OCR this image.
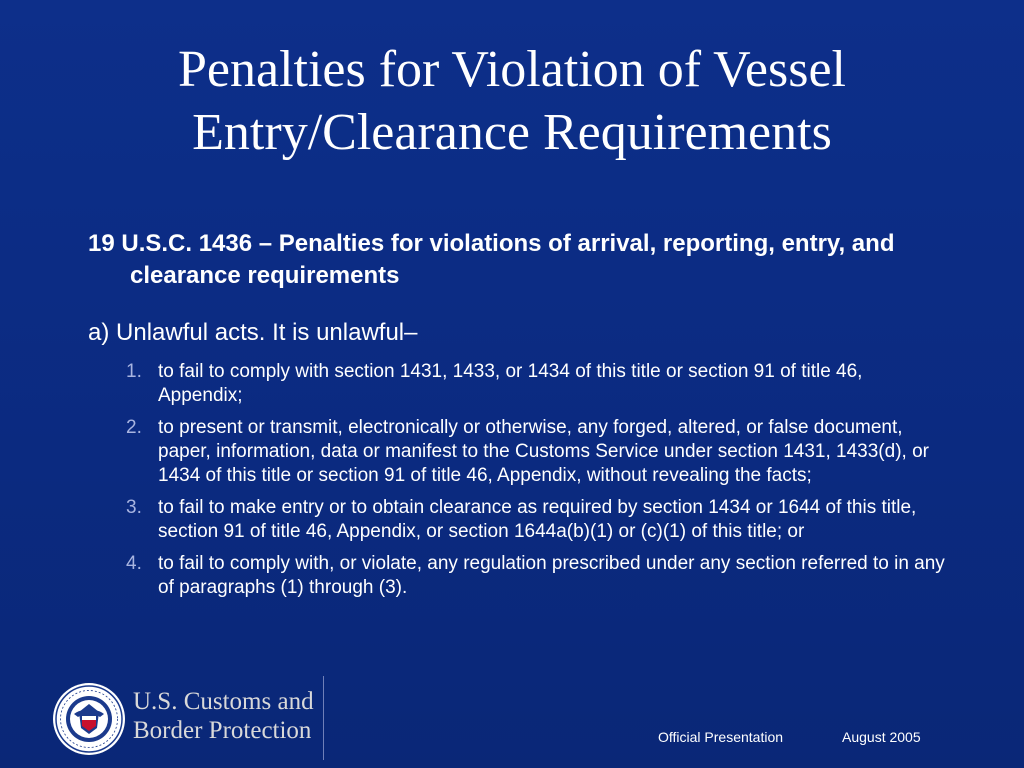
Penalties for Violation of Vessel
Entry/Clearance Requirements
19 U.S.C. 1436 – Penalties for violations of arrival, reporting, entry, and clearance requirements
a) Unlawful acts. It is unlawful–
1. to fail to comply with section 1431, 1433, or 1434 of this title or section 91 of title 46, Appendix;
2. to present or transmit, electronically or otherwise, any forged, altered, or false document, paper, information, data or manifest to the Customs Service under section 1431, 1433(d), or 1434 of this title or section 91 of title 46, Appendix, without revealing the facts;
3. to fail to make entry or to obtain clearance as required by section 1434 or 1644 of this title, section 91 of title 46, Appendix, or section 1644a(b)(1) or (c)(1) of this title; or
4. to fail to comply with, or violate, any regulation prescribed under any section referred to in any of paragraphs (1) through (3).
U.S. Customs and
Border Protection	Official Presentation	August 2005
